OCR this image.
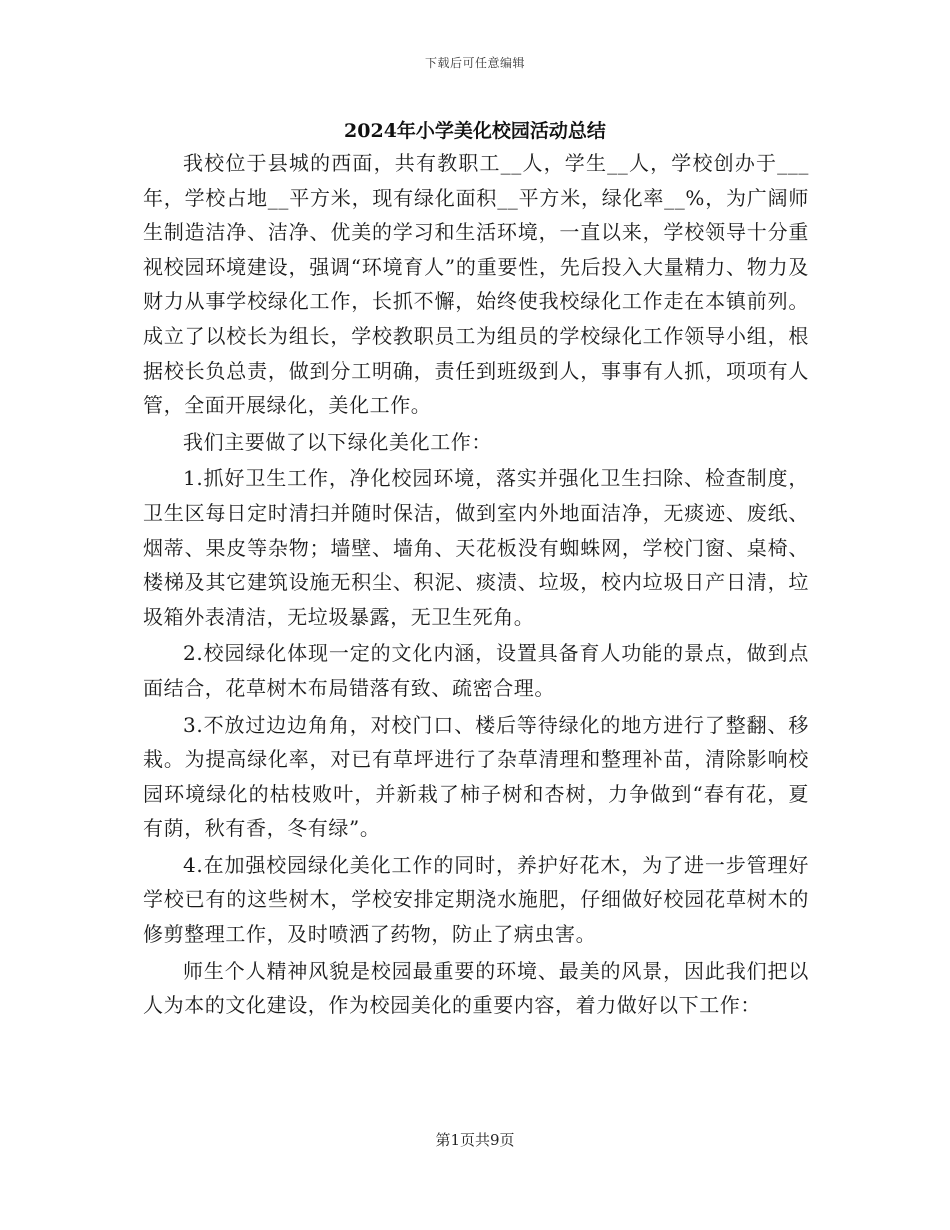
下载后可任意编辑
2024年小学美化校园活动总结

我校位于县城的西面，共有教职工__人，学生__人，学校创办于___年，学校占地__平方米，现有绿化面积__平方米，绿化率__%，为广阔师生制造洁净、洁净、优美的学习和生活环境，一直以来，学校领导十分重视校园环境建设，强调“环境育人”的重要性，先后投入大量精力、物力及财力从事学校绿化工作，长抓不懈，始终使我校绿化工作走在本镇前列。成立了以校长为组长，学校教职员工为组员的学校绿化工作领导小组，根据校长负总责，做到分工明确，责任到班级到人，事事有人抓，项项有人管，全面开展绿化，美化工作。

我们主要做了以下绿化美化工作：

1.抓好卫生工作，净化校园环境，落实并强化卫生扫除、检查制度，卫生区每日定时清扫并随时保洁，做到室内外地面洁净，无痰迹、废纸、烟蒂、果皮等杂物；墙壁、墙角、天花板没有蜘蛛网，学校门窗、桌椅、楼梯及其它建筑设施无积尘、积泥、痰渍、垃圾，校内垃圾日产日清，垃圾箱外表清洁，无垃圾暴露，无卫生死角。

2.校园绿化体现一定的文化内涵，设置具备育人功能的景点，做到点面结合，花草树木布局错落有致、疏密合理。

3.不放过边边角角，对校门口、楼后等待绿化的地方进行了整翻、移栽。为提高绿化率，对已有草坪进行了杂草清理和整理补苗，清除影响校园环境绿化的枯枝败叶，并新栽了柿子树和杏树，力争做到“春有花，夏有荫，秋有香，冬有绿”。

4.在加强校园绿化美化工作的同时，养护好花木，为了进一步管理好学校已有的这些树木，学校安排定期浇水施肥，仔细做好校园花草树木的修剪整理工作，及时喷洒了药物，防止了病虫害。

师生个人精神风貌是校园最重要的环境、最美的风景，因此我们把以人为本的文化建设，作为校园美化的重要内容，着力做好以下工作：

第1页共9页
